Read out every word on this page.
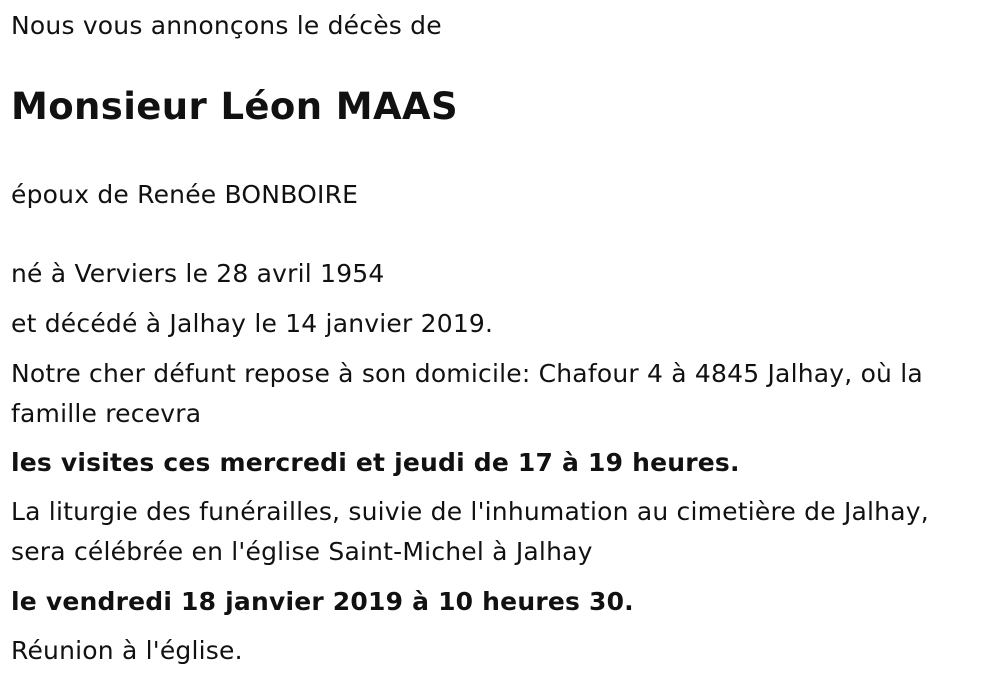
Nous vous annonçons le décès de

Monsieur Léon MAAS

époux de Renée BONBOIRE

né à Verviers le 28 avril 1954

et décédé à Jalhay le 14 janvier 2019.

Notre cher défunt repose à son domicile: Chafour 4 à 4845 Jalhay, où la famille recevra

les visites ces mercredi et jeudi de 17 à 19 heures.

La liturgie des funérailles, suivie de l'inhumation au cimetière de Jalhay, sera célébrée en l'église Saint-Michel à Jalhay

le vendredi 18 janvier 2019 à 10 heures 30.

Réunion à l'église.
